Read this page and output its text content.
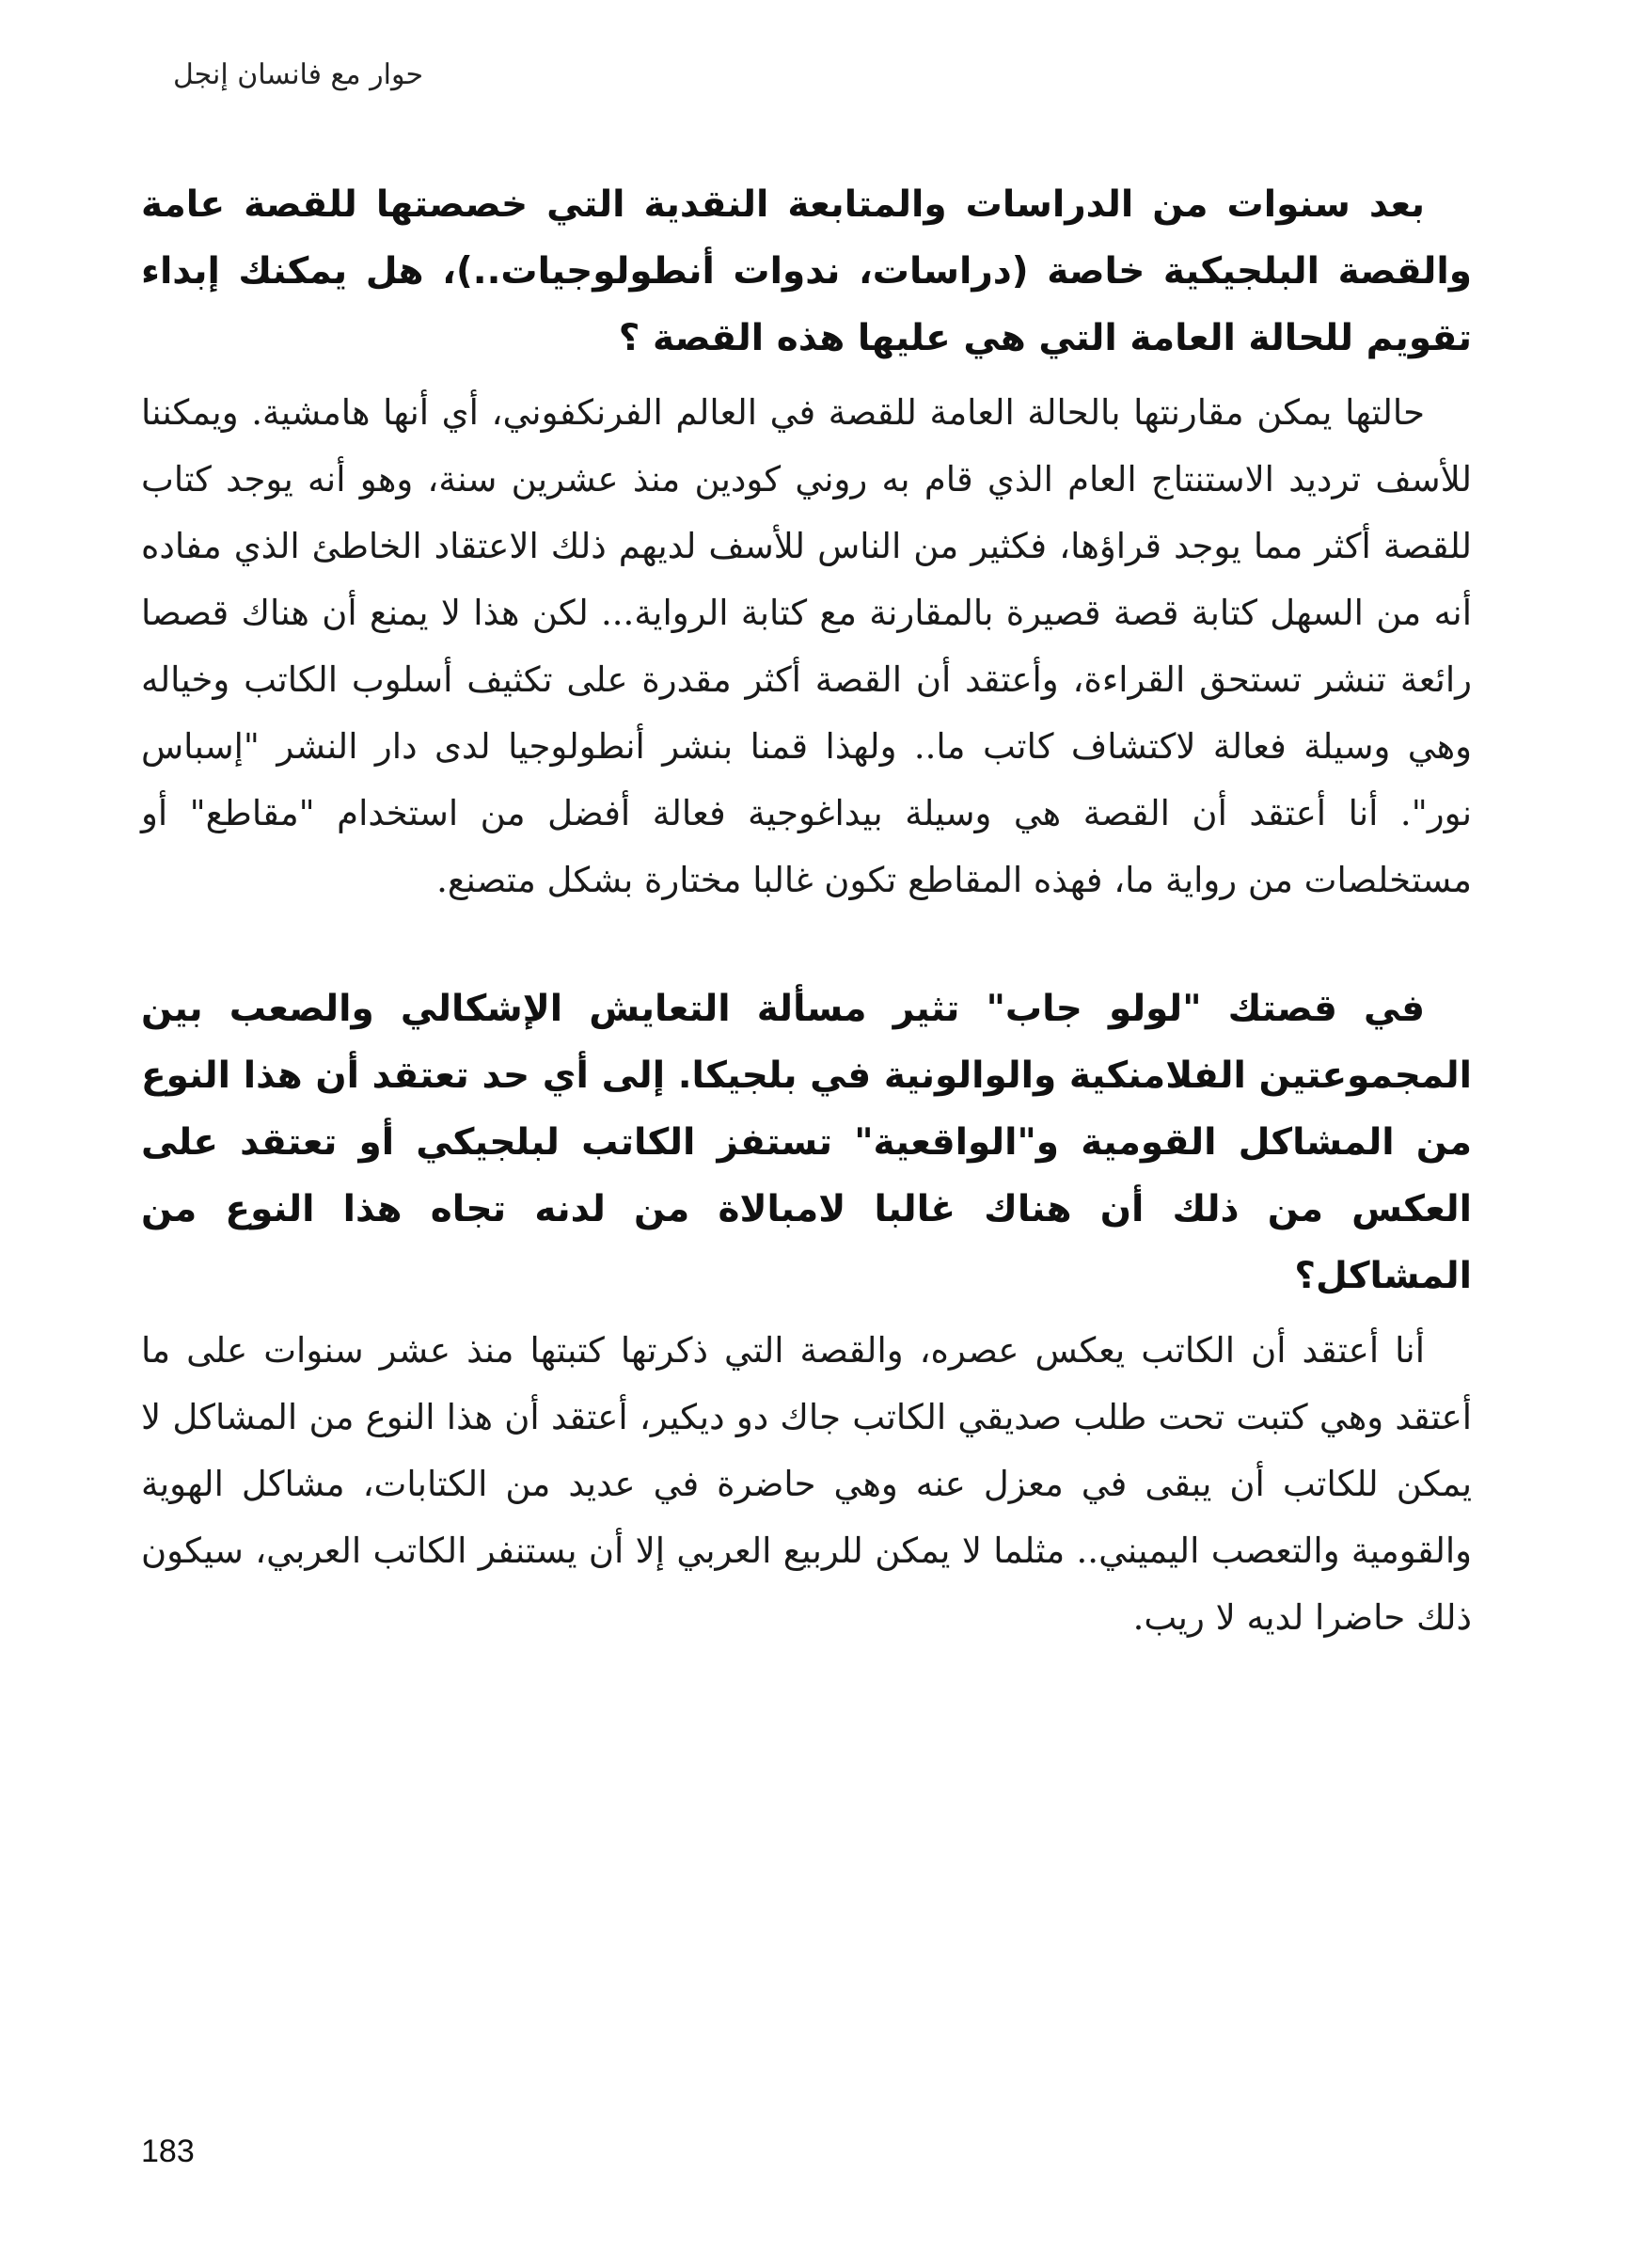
حوار مع فانسان إنجل

بعد سنوات من الدراسات والمتابعة النقدية التي خصصتها للقصة عامة والقصة البلجيكية خاصة (دراسات، ندوات أنطولوجيات..)، هل يمكنك إبداء تقويم للحالة العامة التي هي عليها هذه القصة ؟

حالتها يمكن مقارنتها بالحالة العامة للقصة في العالم الفرنكفوني، أي أنها هامشية. ويمكننا للأسف ترديد الاستنتاج العام الذي قام به روني كودين منذ عشرين سنة، وهو أنه يوجد كتاب للقصة أكثر مما يوجد قراؤها، فكثير من الناس للأسف لديهم ذلك الاعتقاد الخاطئ الذي مفاده أنه من السهل كتابة قصة قصيرة بالمقارنة مع كتابة الرواية... لكن هذا لا يمنع أن هناك قصصا رائعة تنشر تستحق القراءة، وأعتقد أن القصة أكثر مقدرة على تكثيف أسلوب الكاتب وخياله وهي وسيلة فعالة لاكتشاف كاتب ما.. ولهذا قمنا بنشر أنطولوجيا لدى دار النشر "إسباس نور". أنا أعتقد أن القصة هي وسيلة بيداغوجية فعالة أفضل من استخدام "مقاطع" أو مستخلصات من رواية ما، فهذه المقاطع تكون غالبا مختارة بشكل متصنع.

في قصتك "لولو جاب" تثير مسألة التعايش الإشكالي والصعب بين المجموعتين الفلامنكية والوالونية في بلجيكا. إلى أي حد تعتقد أن هذا النوع من المشاكل القومية و"الواقعية" تستفز الكاتب لبلجيكي أو تعتقد على العكس من ذلك أن هناك غالبا لامبالاة من لدنه تجاه هذا النوع من المشاكل؟

أنا أعتقد أن الكاتب يعكس عصره، والقصة التي ذكرتها كتبتها منذ عشر سنوات على ما أعتقد وهي كتبت تحت طلب صديقي الكاتب جاك دو ديكير، أعتقد أن هذا النوع من المشاكل لا يمكن للكاتب أن يبقى في معزل عنه وهي حاضرة في عديد من الكتابات، مشاكل الهوية والقومية والتعصب اليميني.. مثلما لا يمكن للربيع العربي إلا أن يستنفر الكاتب العربي، سيكون ذلك حاضرا لديه لا ريب.

183
